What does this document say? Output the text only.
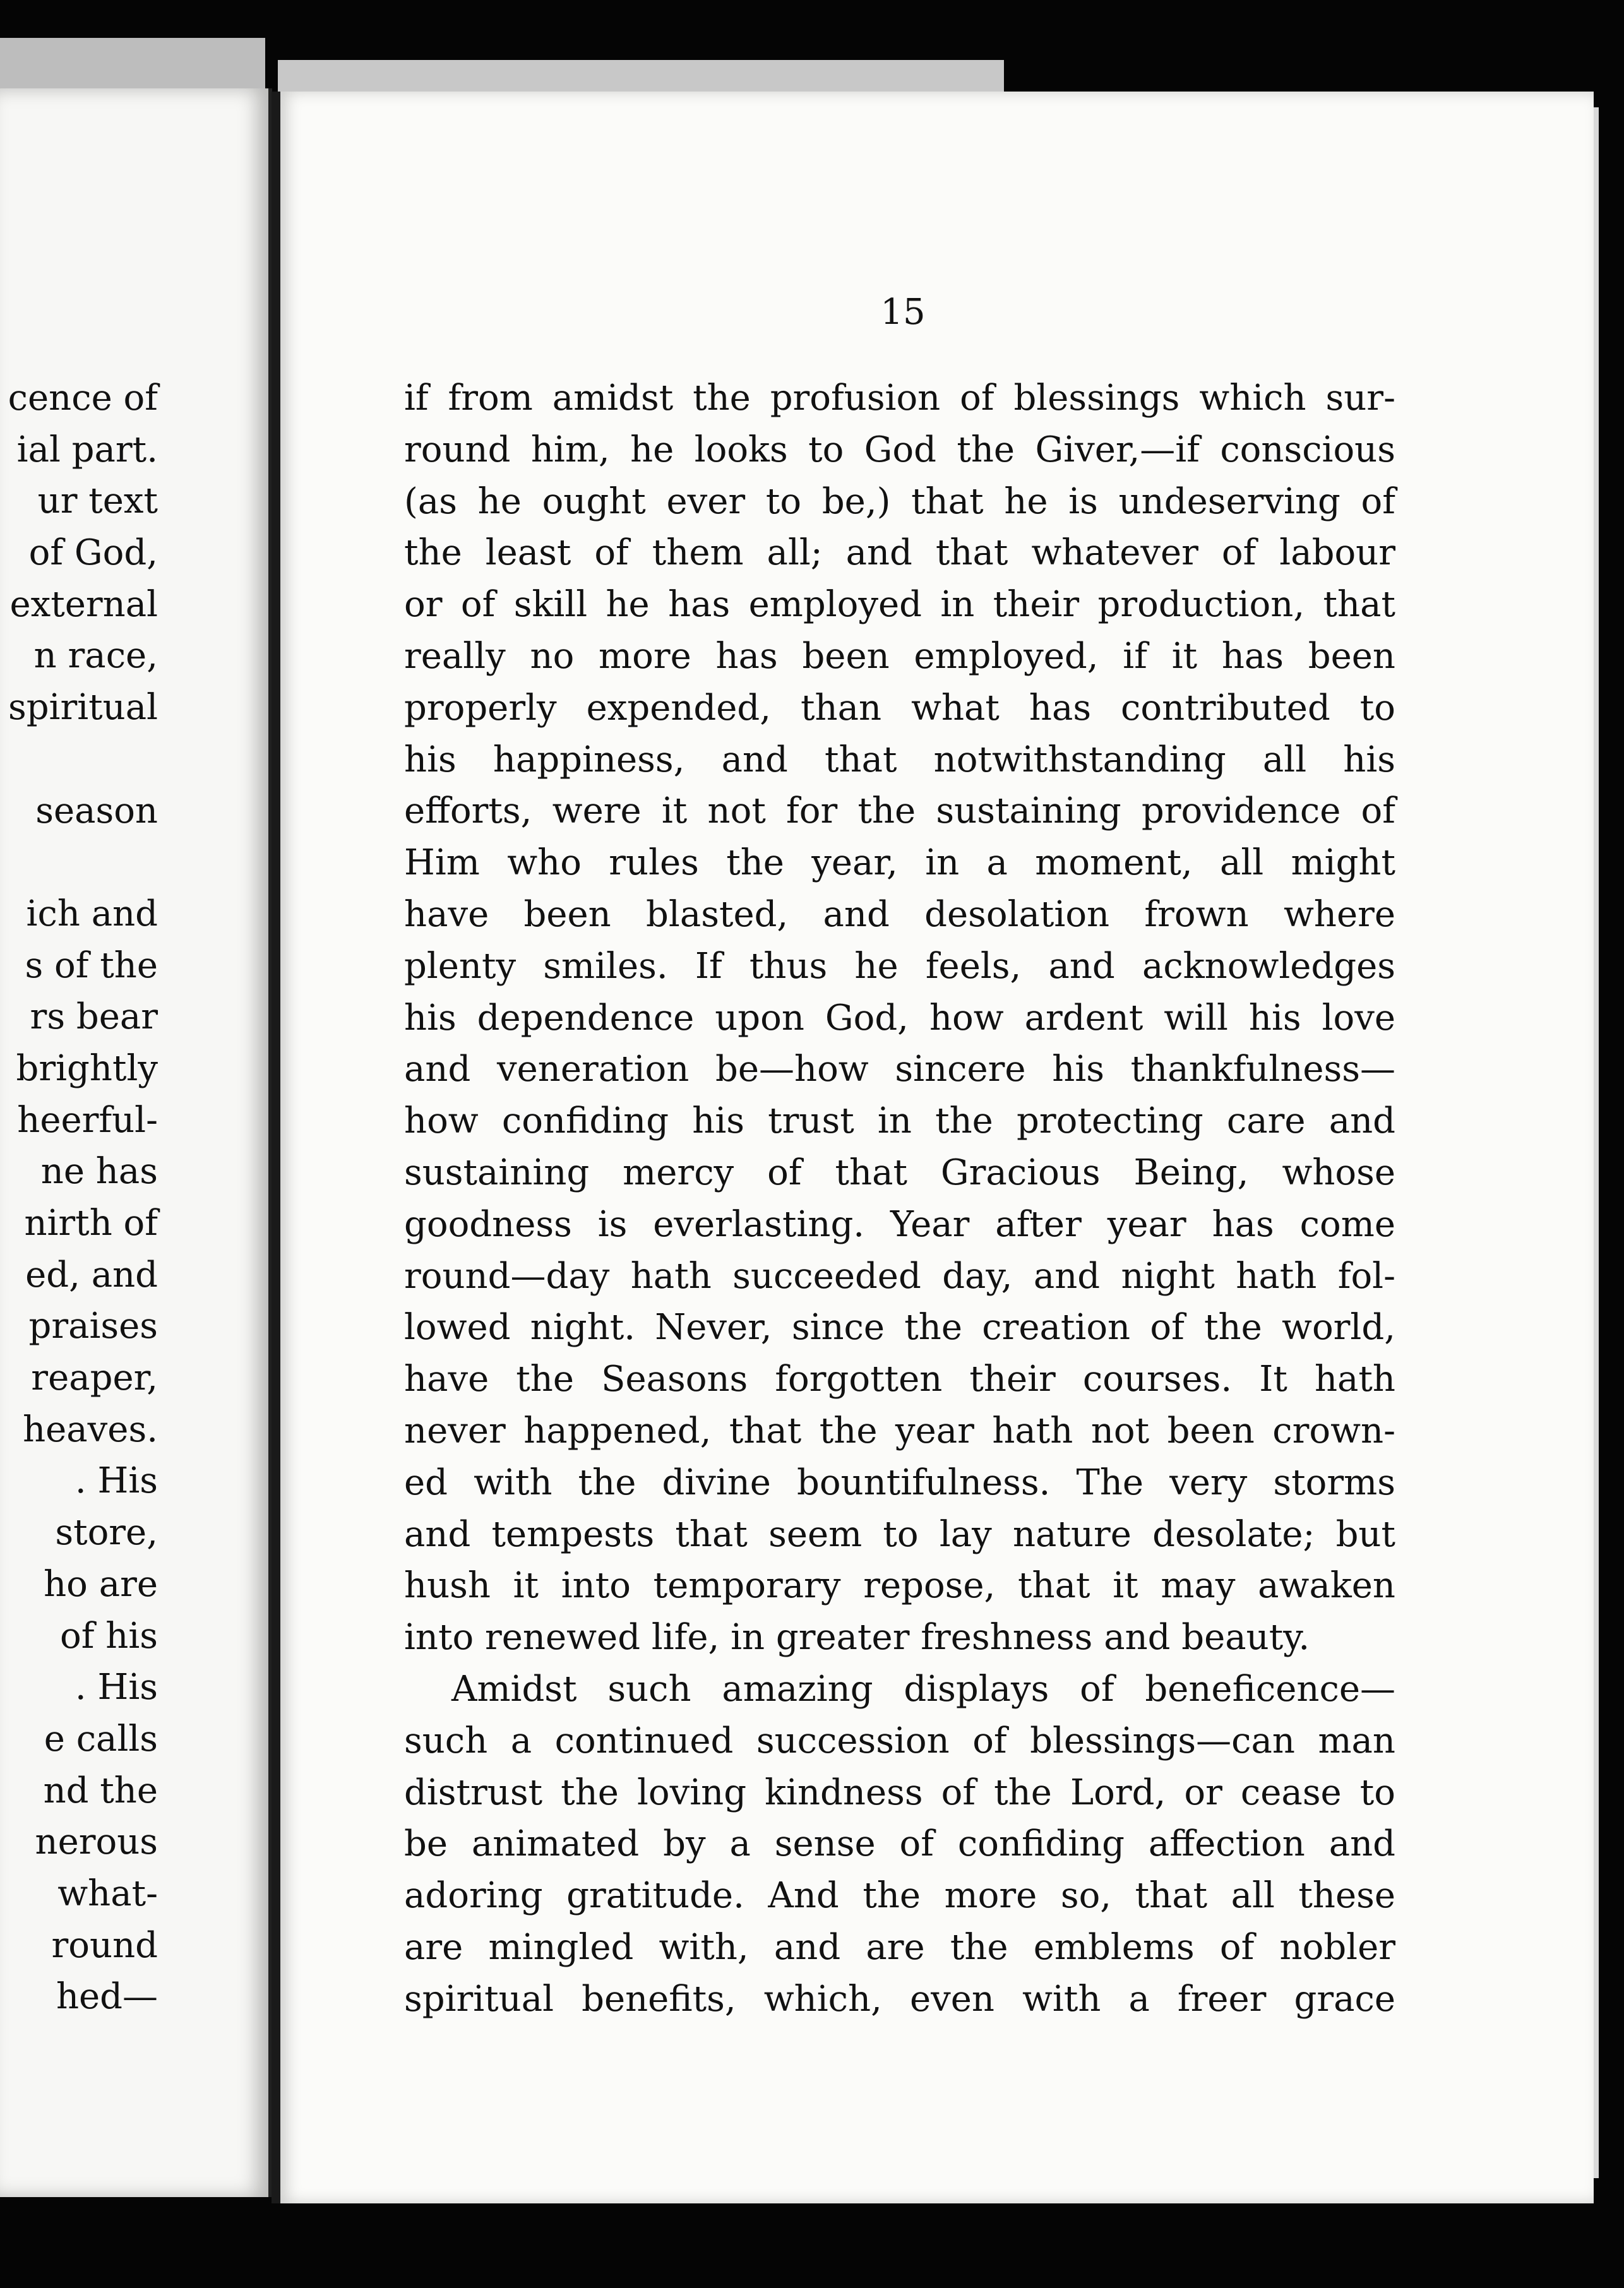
cence of
ial part.
ur text
of God,
external
n race,
spiritual
season
ich and
s of the
rs bear
brightly
heerful-
ne has
nirth of
ed, and
praises
reaper,
heaves.
. His
store,
ho are
of his
. His
e calls
nd the
nerous
what-
round
hed—
15
if from amidst the profusion of blessings which sur-
round him, he looks to God the Giver,—if conscious
(as he ought ever to be,) that he is undeserving of
the least of them all; and that whatever of labour
or of skill he has employed in their production, that
really no more has been employed, if it has been
properly expended, than what has contributed to
his happiness, and that notwithstanding all his
efforts, were it not for the sustaining providence of
Him who rules the year, in a moment, all might
have been blasted, and desolation frown where
plenty smiles. If thus he feels, and acknowledges
his dependence upon God, how ardent will his love
and veneration be—how sincere his thankfulness—
how confiding his trust in the protecting care and
sustaining mercy of that Gracious Being, whose
goodness is everlasting. Year after year has come
round—day hath succeeded day, and night hath fol-
lowed night. Never, since the creation of the world,
have the Seasons forgotten their courses. It hath
never happened, that the year hath not been crown-
ed with the divine bountifulness. The very storms
and tempests that seem to lay nature desolate; but
hush it into temporary repose, that it may awaken
into renewed life, in greater freshness and beauty.
Amidst such amazing displays of beneficence—
such a continued succession of blessings—can man
distrust the loving kindness of the Lord, or cease to
be animated by a sense of confiding affection and
adoring gratitude. And the more so, that all these
are mingled with, and are the emblems of nobler
spiritual benefits, which, even with a freer grace
